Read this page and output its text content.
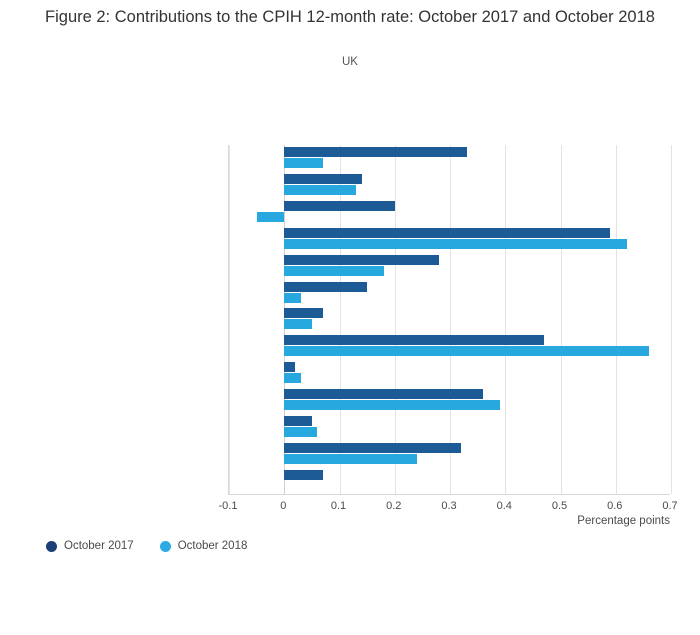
Figure 2: Contributions to the CPIH 12-month rate: October 2017 and October 2018
UK
-0.1	0	0.1	0.2	0.3	0.4	0.5	0.6	0.7
Percentage points
October 2017	October 2018
